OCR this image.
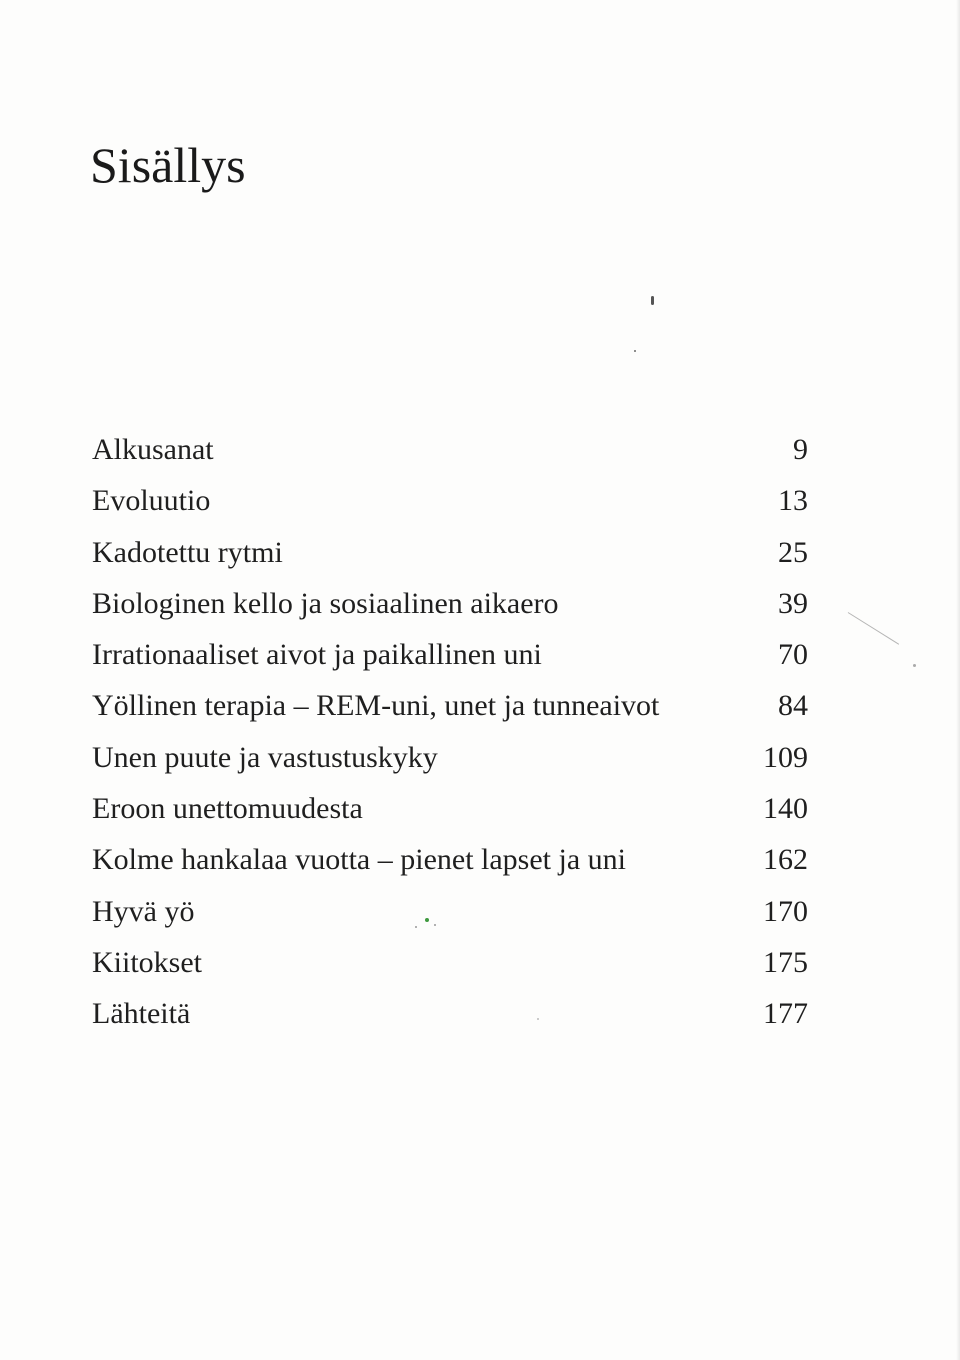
Sisällys
Alkusanat	9
Evoluutio	13
Kadotettu rytmi	25
Biologinen kello ja sosiaalinen aikaero	39
Irrationaaliset aivot ja paikallinen uni	70
Yöllinen terapia – REM-uni, unet ja tunneaivot	84
Unen puute ja vastustuskyky	109
Eroon unettomuudesta	140
Kolme hankalaa vuotta – pienet lapset ja uni	162
Hyvä yö	170
Kiitokset	175
Lähteitä	177
